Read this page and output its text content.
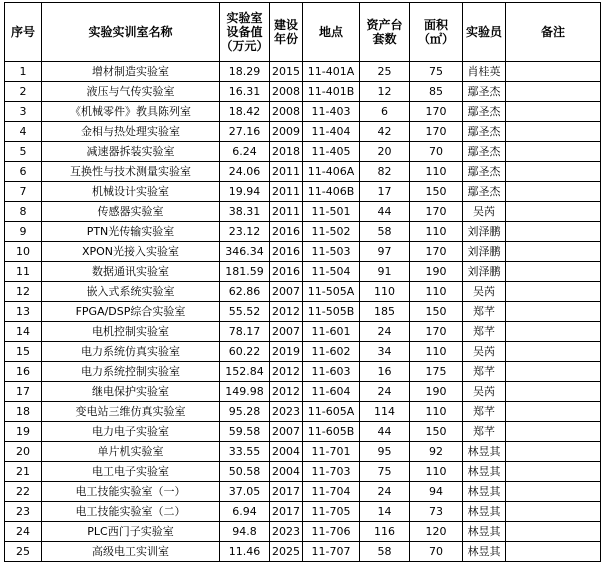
序号	实验实训室名称	实验室
设备值
（万元）	建设
年份	地点	资产台
套数	面积
（㎡）	实验员	备注
1	增材制造实验室	18.29	2015	11-401A	25	75	肖桂英	
2	液压与气传实验室	16.31	2008	11-401B	12	85	鄢圣杰	
3	《机械零件》教具陈列室	18.42	2008	11-403	6	170	鄢圣杰	
4	金相与热处理实验室	27.16	2009	11-404	42	170	鄢圣杰	
5	减速器拆装实验室	6.24	2018	11-405	20	70	鄢圣杰	
6	互换性与技术测量实验室	24.06	2011	11-406A	82	110	鄢圣杰	
7	机械设计实验室	19.94	2011	11-406B	17	150	鄢圣杰	
8	传感器实验室	38.31	2011	11-501	44	170	吴芮	
9	PTN光传输实验室	23.12	2016	11-502	58	110	刘泽鹏	
10	XPON光接入实验室	346.34	2016	11-503	97	170	刘泽鹏	
11	数据通讯实验室	181.59	2016	11-504	91	190	刘泽鹏	
12	嵌入式系统实验室	62.86	2007	11-505A	110	110	吴芮	
13	FPGA/DSP综合实验室	55.52	2012	11-505B	185	150	郑芊	
14	电机控制实验室	78.17	2007	11-601	24	170	郑芊	
15	电力系统仿真实验室	60.22	2019	11-602	34	110	吴芮	
16	电力系统控制实验室	152.84	2012	11-603	16	175	郑芊	
17	继电保护实验室	149.98	2012	11-604	24	190	吴芮	
18	变电站三维仿真实验室	95.28	2023	11-605A	114	110	郑芊	
19	电力电子实验室	59.58	2007	11-605B	44	150	郑芊	
20	单片机实验室	33.55	2004	11-701	95	92	林昱其	
21	电工电子实验室	50.58	2004	11-703	75	110	林昱其	
22	电工技能实验室（一）	37.05	2017	11-704	24	94	林昱其	
23	电工技能实验室（二）	6.94	2017	11-705	14	73	林昱其	
24	PLC西门子实验室	94.8	2023	11-706	116	120	林昱其	
25	高级电工实训室	11.46	2025	11-707	58	70	林昱其	
